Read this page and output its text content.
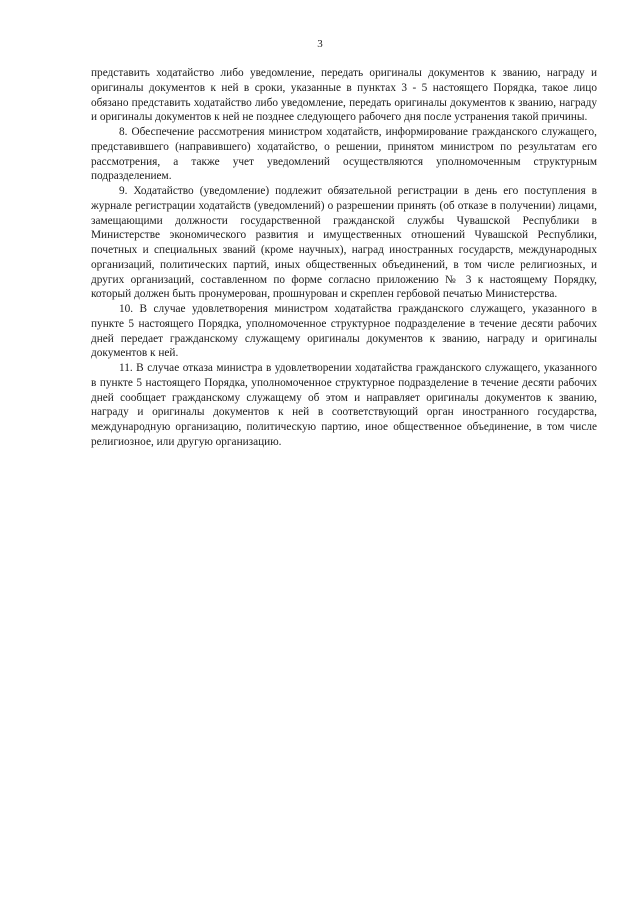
3

представить ходатайство либо уведомление, передать оригиналы документов к званию, награду и оригиналы документов к ней в сроки, указанные в пунктах 3 - 5 настоящего Порядка, такое лицо обязано представить ходатайство либо уведомление, передать оригиналы документов к званию, награду и оригиналы документов к ней не позднее следующего рабочего дня после устранения такой причины.

8. Обеспечение рассмотрения министром ходатайств, информирование гражданского служащего, представившего (направившего) ходатайство, о решении, принятом министром по результатам его рассмотрения, а также учет уведомлений осуществляются уполномоченным структурным подразделением.

9. Ходатайство (уведомление) подлежит обязательной регистрации в день его поступления в журнале регистрации ходатайств (уведомлений) о разрешении принять (об отказе в получении) лицами, замещающими должности государственной гражданской службы Чувашской Республики в Министерстве экономического развития и имущественных отношений Чувашской Республики, почетных и специальных званий (кроме научных), наград иностранных государств, международных организаций, политических партий, иных общественных объединений, в том числе религиозных, и других организаций, составленном по форме согласно приложению № 3 к настоящему Порядку, который должен быть пронумерован, прошнурован и скреплен гербовой печатью Министерства.

10. В случае удовлетворения министром ходатайства гражданского служащего, указанного в пункте 5 настоящего Порядка, уполномоченное структурное подразделение в течение десяти рабочих дней передает гражданскому служащему оригиналы документов к званию, награду и оригиналы документов к ней.

11. В случае отказа министра в удовлетворении ходатайства гражданского служащего, указанного в пункте 5 настоящего Порядка, уполномоченное структурное подразделение в течение десяти рабочих дней сообщает гражданскому служащему об этом и направляет оригиналы документов к званию, награду и оригиналы документов к ней в соответствующий орган иностранного государства, международную организацию, политическую партию, иное общественное объединение, в том числе религиозное, или другую организацию.
